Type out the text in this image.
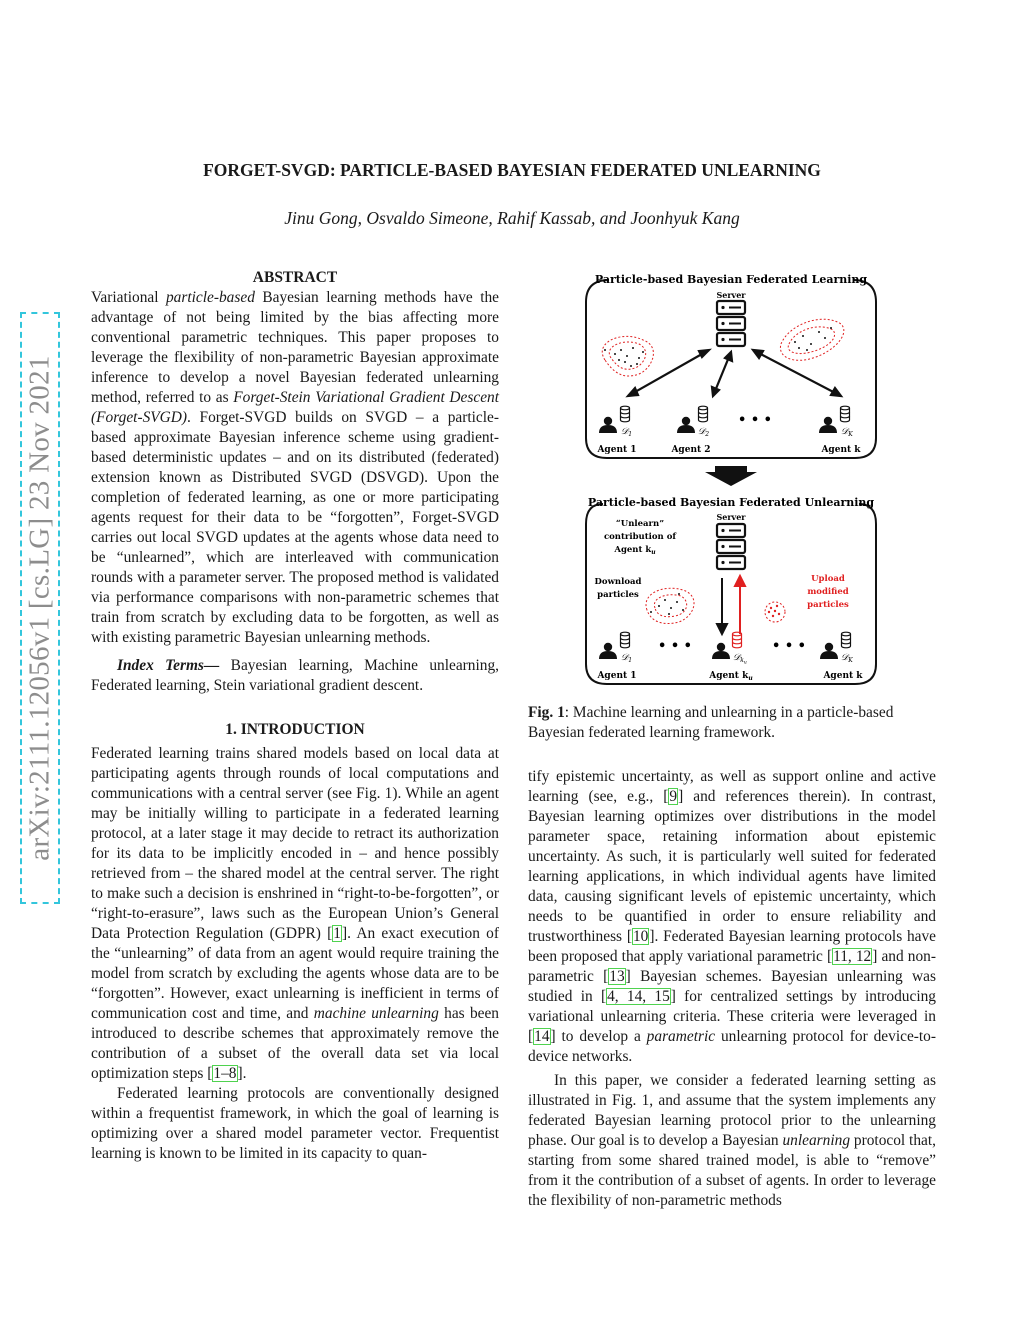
arXiv:2111.12056v1 [cs.LG] 23 Nov 2021
FORGET-SVGD: PARTICLE-BASED BAYESIAN FEDERATED UNLEARNING
Jinu Gong, Osvaldo Simeone, Rahif Kassab, and Joonhyuk Kang
ABSTRACT

Variational particle-based Bayesian learning methods have the advantage of not being limited by the bias affecting more conventional parametric techniques. This paper proposes to leverage the flexibility of non-parametric Bayesian approximate inference to develop a novel Bayesian federated unlearning method, referred to as Forget-Stein Variational Gradient Descent (Forget-SVGD). Forget-SVGD builds on SVGD – a particle-based approximate Bayesian inference scheme using gradient-based deterministic updates – and on its distributed (federated) extension known as Distributed SVGD (DSVGD). Upon the completion of federated learning, as one or more participating agents request for their data to be “forgotten”, Forget-SVGD carries out local SVGD updates at the agents whose data need to be “unlearned”, which are interleaved with communication rounds with a parameter server. The proposed method is validated via performance comparisons with non-parametric schemes that train from scratch by excluding data to be forgotten, as well as with existing parametric Bayesian unlearning methods.

Index Terms— Bayesian learning, Machine unlearning, Federated learning, Stein variational gradient descent.

1. INTRODUCTION

Federated learning trains shared models based on local data at participating agents through rounds of local computations and communications with a central server (see Fig. 1). While an agent may be initially willing to participate in a federated learning protocol, at a later stage it may decide to retract its authorization for its data to be implicitly encoded in – and hence possibly retrieved from – the shared model at the central server. The right to make such a decision is enshrined in “right-to-be-forgotten”, or “right-to-erasure”, laws such as the European Union’s General Data Protection Regulation (GDPR) [1]. An exact execution of the “unlearning” of data from an agent would require training the model from scratch by excluding the agents whose data are to be “forgotten”. However, exact unlearning is inefficient in terms of communication cost and time, and machine unlearning has been introduced to describe schemes that approximately remove the contribution of a subset of the overall data set via local optimization steps [1–8].

Federated learning protocols are conventionally designed within a frequentist framework, in which the goal of learning is optimizing over a shared model parameter vector. Frequentist learning is known to be limited in its capacity to quan-

Particle-based Bayesian Federated Learning
Server
𝒟$_1$
Agent 1
𝒟$_2$
Agent 2
• • •
𝒟$_K$
Agent k
Particle-based Bayesian Federated Unlearning
Server
“Unlearn”
contribution of
Agent $k_u$
Download
particles
Upload
modified
particles
𝒟$_1$
Agent 1
• • •
𝒟$_k$u
Agent $k_u$
• • •
𝒟$_K$
Agent k
Fig. 1: Machine learning and unlearning in a particle-based Bayesian federated learning framework.

tify epistemic uncertainty, as well as support online and active learning (see, e.g., [9] and references therein). In contrast, Bayesian learning optimizes over distributions in the model parameter space, retaining information about epistemic uncertainty. As such, it is particularly well suited for federated learning applications, in which individual agents have limited data, causing significant levels of epistemic uncertainty, which needs to be quantified in order to ensure reliability and trustworthiness [10]. Federated Bayesian learning protocols have been proposed that apply variational parametric [11, 12] and non-parametric [13] Bayesian schemes. Bayesian unlearning was studied in [4, 14, 15] for centralized settings by introducing variational unlearning criteria. These criteria were leveraged in [14] to develop a parametric unlearning protocol for device-to-device networks.

In this paper, we consider a federated learning setting as illustrated in Fig. 1, and assume that the system implements any federated Bayesian learning protocol prior to the unlearning phase. Our goal is to develop a Bayesian unlearning protocol that, starting from some shared trained model, is able to “remove” from it the contribution of a subset of agents. In order to leverage the flexibility of non-parametric methods
